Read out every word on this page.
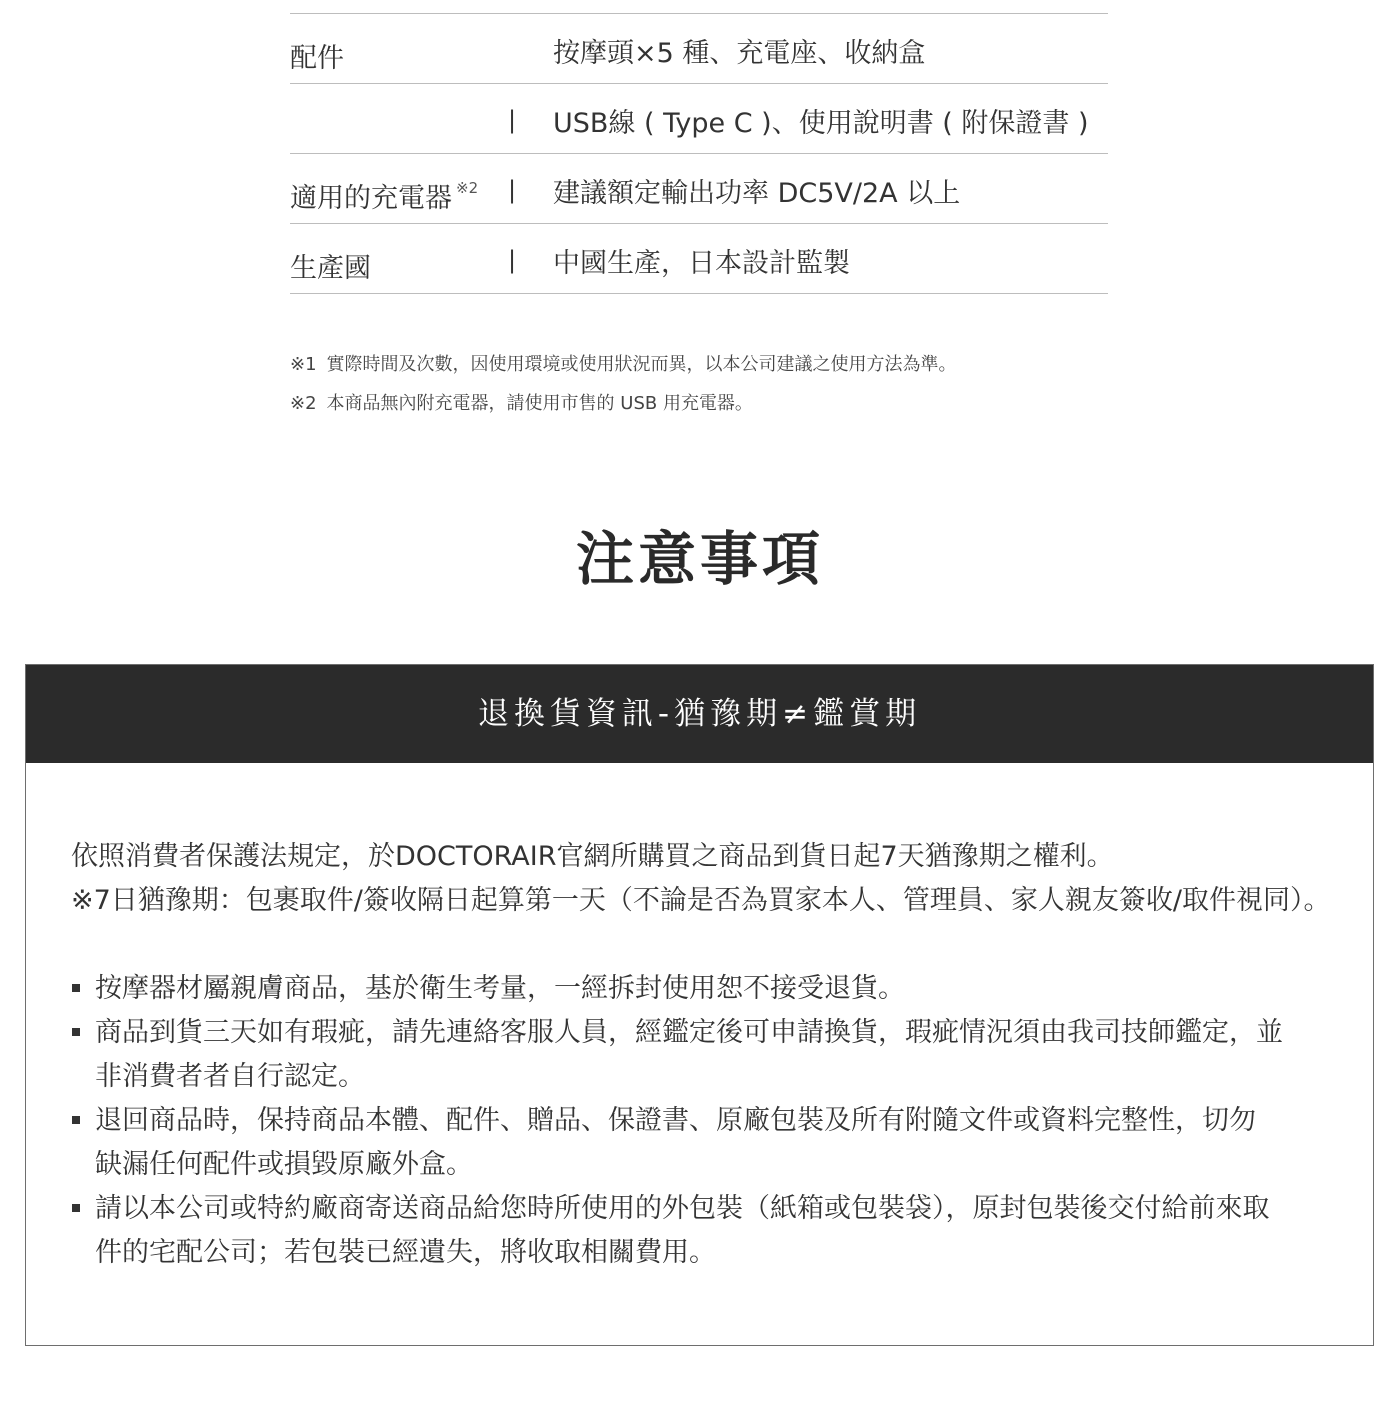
配件	按摩頭×5 種、充電座、收納盒
| USB線 ( Type C )、使用說明書 ( 附保證書 )
適用的充電器 $^{※2}$ | 建議額定輸出功率 DC5V/2A 以上
生產國	| 中國生產，日本設計監製
※1 實際時間及次數，因使用環境或使用狀況而異，以本公司建議之使用方法為準。
※2 本商品無內附充電器，請使用市售的 USB 用充電器。
注意事項
退換貨資訊-猶豫期≠鑑賞期

依照消費者保護法規定，於DOCTORAIR官網所購買之商品到貨日起7天猶豫期之權利。

※7日猶豫期：包裹取件/簽收隔日起算第一天（不論是否為買家本人、管理員、家人親友簽收/取件視同）。

按摩器材屬親膚商品，基於衛生考量，一經拆封使用恕不接受退貨。
商品到貨三天如有瑕疵，請先連絡客服人員，經鑑定後可申請換貨，瑕疵情況須由我司技師鑑定，並
非消費者者自行認定。
退回商品時，保持商品本體、配件、贈品、保證書、原廠包裝及所有附隨文件或資料完整性，切勿
缺漏任何配件或損毀原廠外盒。
請以本公司或特約廠商寄送商品給您時所使用的外包裝（紙箱或包裝袋），原封包裝後交付給前來取
件的宅配公司；若包裝已經遺失，將收取相關費用。
